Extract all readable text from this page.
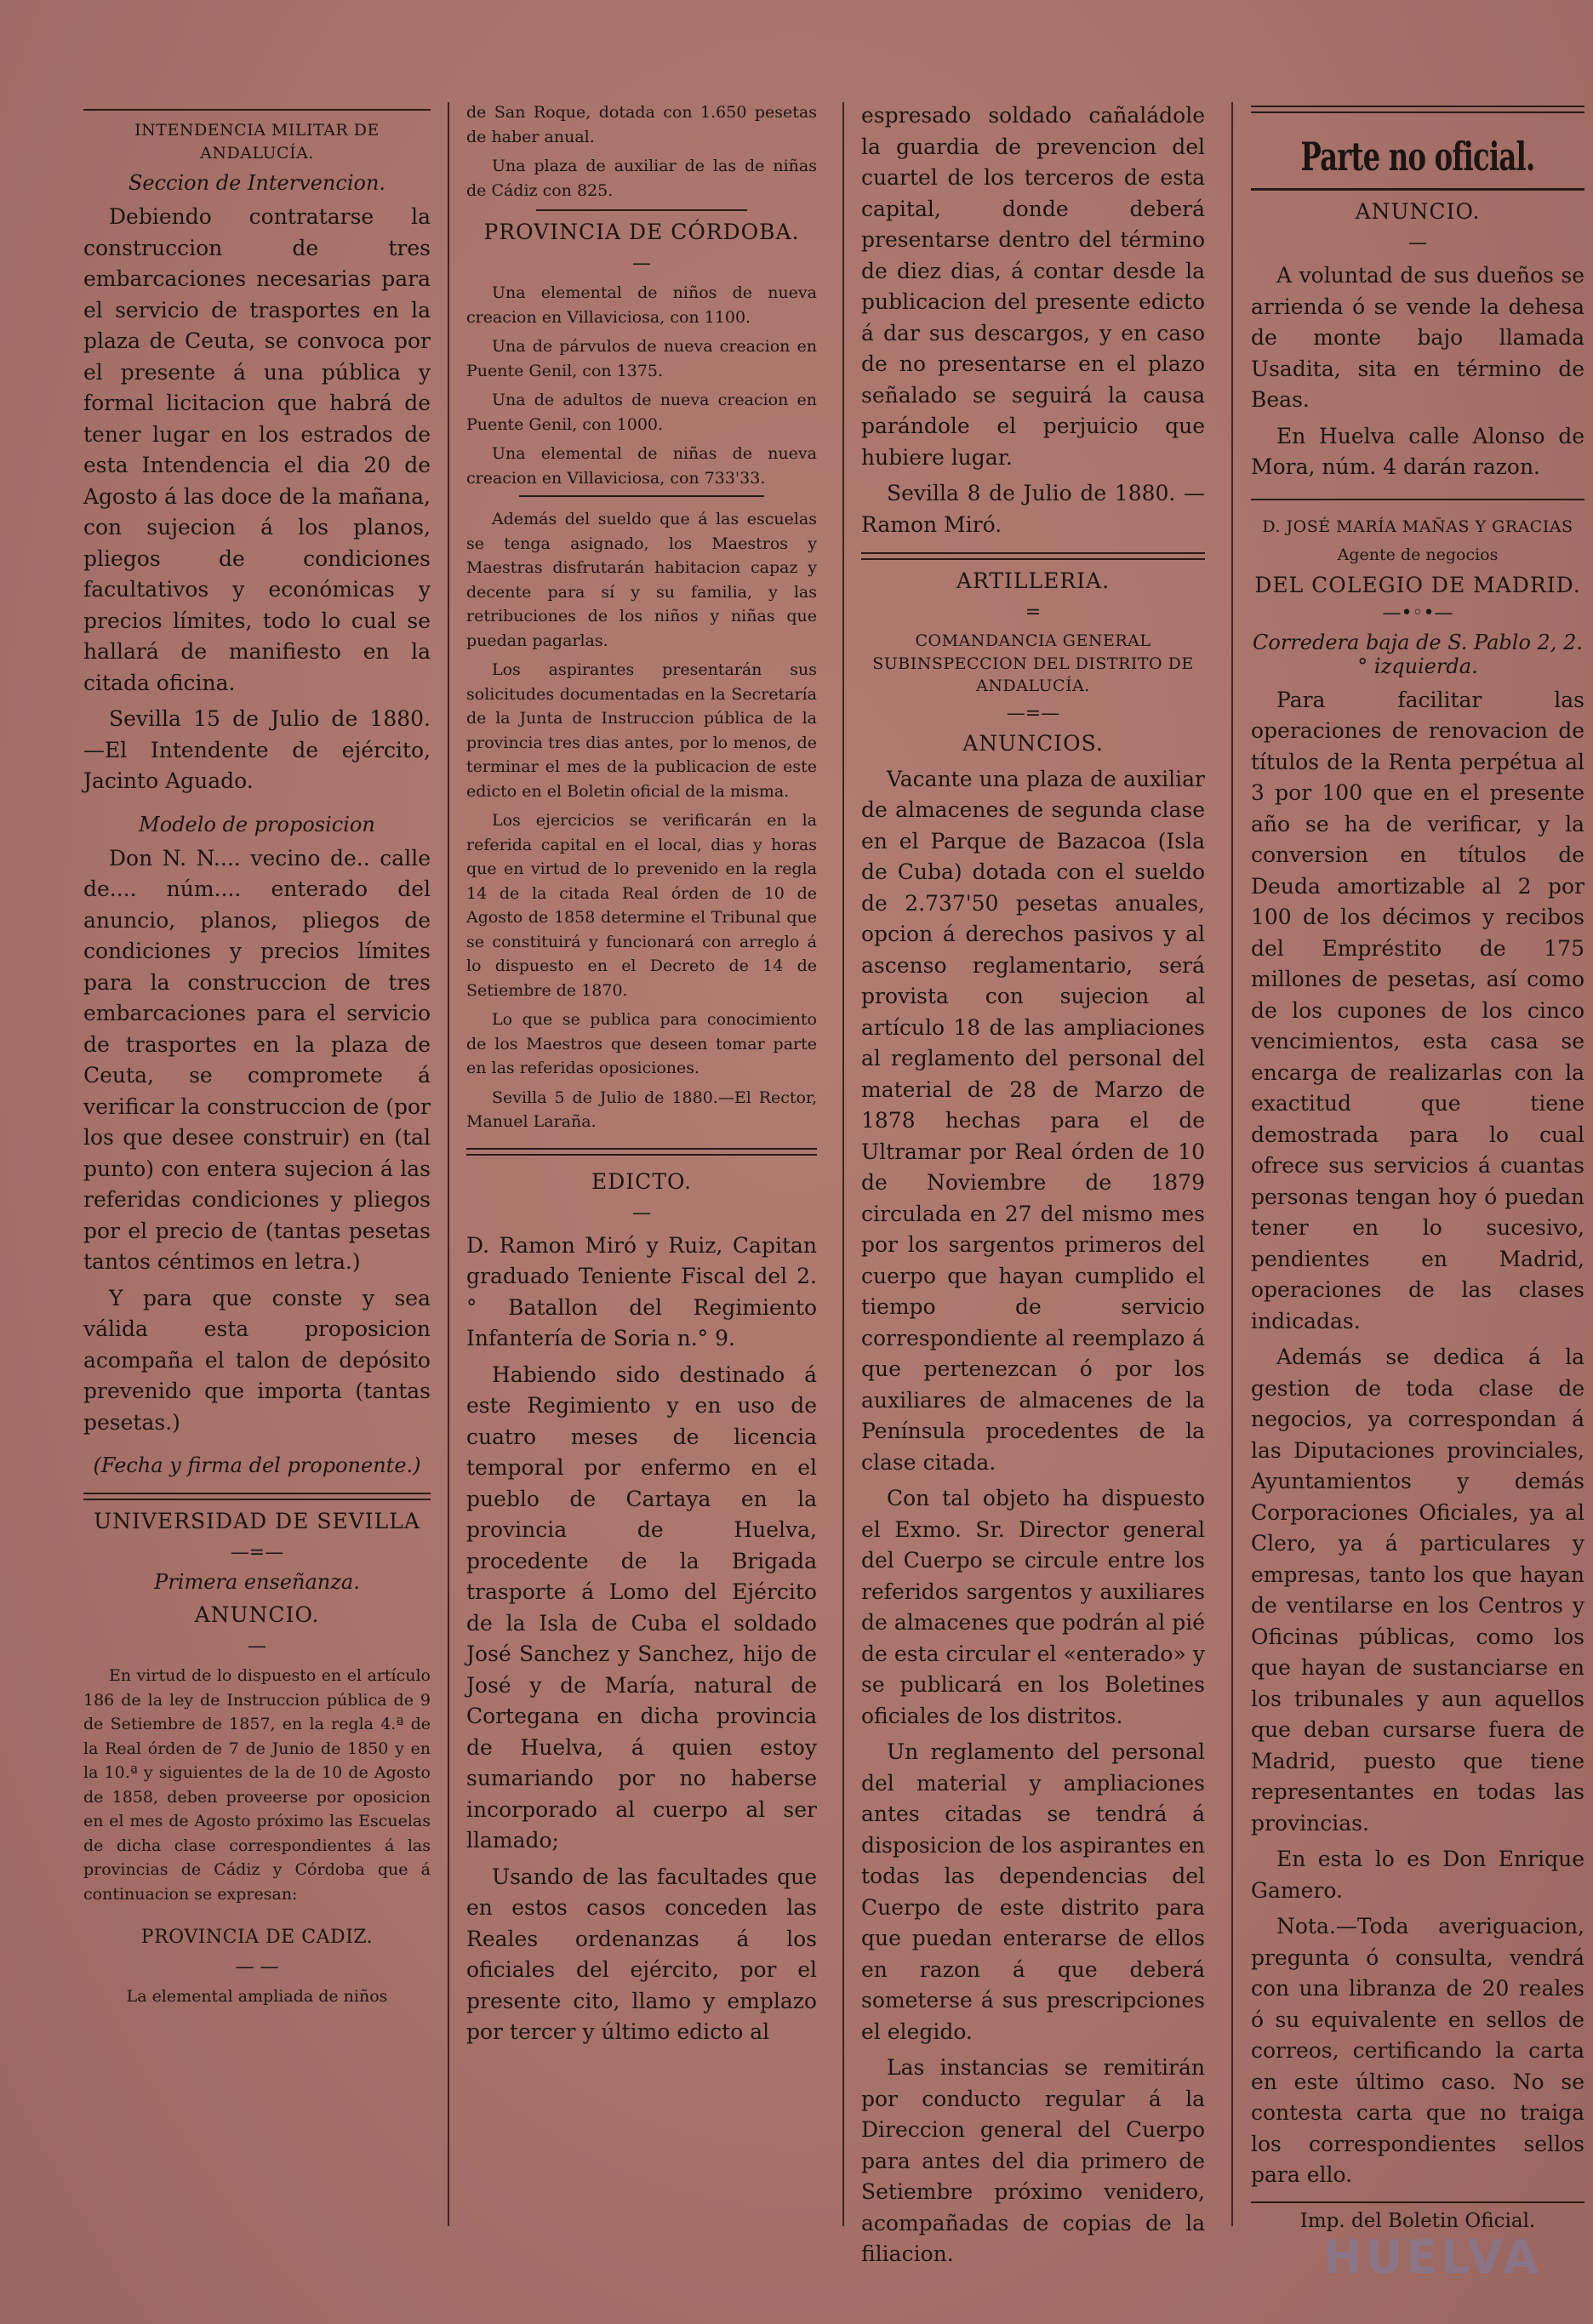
INTENDENCIA MILITAR DE ANDALUCÍA.
Seccion de Intervencion.

Debiendo contratarse la construccion de tres embarcaciones necesarias para el servicio de trasportes en la plaza de Ceuta, se convoca por el presente á una pública y formal licitacion que habrá de tener lugar en los estrados de esta Intendencia el dia 20 de Agosto á las doce de la mañana, con sujecion á los planos, pliegos de condiciones facultativos y económicas y precios límites, todo lo cual se hallará de manifiesto en la citada oficina.

Sevilla 15 de Julio de 1880. —El Intendente de ejército, Jacinto Aguado.

Modelo de proposicion

Don N. N.... vecino de.. calle de.... núm.... enterado del anuncio, planos, pliegos de condiciones y precios límites para la construccion de tres embarcaciones para el servicio de trasportes en la plaza de Ceuta, se compromete á verificar la construccion de (por los que desee construir) en (tal punto) con entera sujecion á las referidas condiciones y pliegos por el precio de (tantas pesetas tantos céntimos en letra.)

Y para que conste y sea válida esta proposicion acompaña el talon de depósito prevenido que importa (tantas pesetas.)

(Fecha y firma del proponente.)
UNIVERSIDAD DE SEVILLA
—=—
Primera enseñanza.
ANUNCIO.
—

En virtud de lo dispuesto en el artículo 186 de la ley de Instruccion pública de 9 de Setiembre de 1857, en la regla 4.ª de la Real órden de 7 de Junio de 1850 y en la 10.ª y siguientes de la de 10 de Agosto de 1858, deben proveerse por oposicion en el mes de Agosto próximo las Escuelas de dicha clase correspondientes á las provincias de Cádiz y Córdoba que á continuacion se expresan:

PROVINCIA DE CADIZ.
— —

La elemental ampliada de niños

de San Roque, dotada con 1.650 pesetas de haber anual.

Una plaza de auxiliar de las de niñas de Cádiz con 825.

PROVINCIA DE CÓRDOBA.
—

Una elemental de niños de nueva creacion en Villaviciosa, con 1100.

Una de párvulos de nueva creacion en Puente Genil, con 1375.

Una de adultos de nueva creacion en Puente Genil, con 1000.

Una elemental de niñas de nueva creacion en Villaviciosa, con 733'33.

Además del sueldo que á las escuelas se tenga asignado, los Maestros y Maestras disfrutarán habitacion capaz y decente para sí y su familia, y las retribuciones de los niños y niñas que puedan pagarlas.

Los aspirantes presentarán sus solicitudes documentadas en la Secretaría de la Junta de Instruccion pública de la provincia tres dias antes, por lo menos, de terminar el mes de la publicacion de este edicto en el Boletin oficial de la misma.

Los ejercicios se verificarán en la referida capital en el local, dias y horas que en virtud de lo prevenido en la regla 14 de la citada Real órden de 10 de Agosto de 1858 determine el Tribunal que se constituirá y funcionará con arreglo á lo dispuesto en el Decreto de 14 de Setiembre de 1870.

Lo que se publica para conocimiento de los Maestros que deseen tomar parte en las referidas oposiciones.

Sevilla 5 de Julio de 1880.—El Rector, Manuel Laraña.

EDICTO.
—

D. Ramon Miró y Ruiz, Capitan graduado Teniente Fiscal del 2.° Batallon del Regimiento Infantería de Soria n.° 9.

Habiendo sido destinado á este Regimiento y en uso de cuatro meses de licencia temporal por enfermo en el pueblo de Cartaya en la provincia de Huelva, procedente de la Brigada trasporte á Lomo del Ejército de la Isla de Cuba el soldado José Sanchez y Sanchez, hijo de José y de María, natural de Cortegana en dicha provincia de Huelva, á quien estoy sumariando por no haberse incorporado al cuerpo al ser llamado;

Usando de las facultades que en estos casos conceden las Reales ordenanzas á los oficiales del ejército, por el presente cito, llamo y emplazo por tercer y último edicto al

espresado soldado cañaládole la guardia de prevencion del cuartel de los terceros de esta capital, donde deberá presentarse dentro del término de diez dias, á contar desde la publicacion del presente edicto á dar sus descargos, y en caso de no presentarse en el plazo señalado se seguirá la causa parándole el perjuicio que hubiere lugar.

Sevilla 8 de Julio de 1880. —Ramon Miró.

ARTILLERIA.
=
COMANDANCIA GENERAL SUBINSPECCION DEL DISTRITO DE ANDALUCÍA.
—=—
ANUNCIOS.

Vacante una plaza de auxiliar de almacenes de segunda clase en el Parque de Bazacoa (Isla de Cuba) dotada con el sueldo de 2.737'50 pesetas anuales, opcion á derechos pasivos y al ascenso reglamentario, será provista con sujecion al artículo 18 de las ampliaciones al reglamento del personal del material de 28 de Marzo de 1878 hechas para el de Ultramar por Real órden de 10 de Noviembre de 1879 circulada en 27 del mismo mes por los sargentos primeros del cuerpo que hayan cumplido el tiempo de servicio correspondiente al reemplazo á que pertenezcan ó por los auxiliares de almacenes de la Península procedentes de la clase citada.

Con tal objeto ha dispuesto el Exmo. Sr. Director general del Cuerpo se circule entre los referidos sargentos y auxiliares de almacenes que podrán al pié de esta circular el «enterado» y se publicará en los Boletines oficiales de los distritos.

Un reglamento del personal del material y ampliaciones antes citadas se tendrá á disposicion de los aspirantes en todas las dependencias del Cuerpo de este distrito para que puedan enterarse de ellos en razon á que deberá someterse á sus prescripciones el elegido.

Las instancias se remitirán por conducto regular á la Direccion general del Cuerpo para antes del dia primero de Setiembre próximo venidero, acompañadas de copias de la filiacion.

Parte no oficial.
ANUNCIO.
—

A voluntad de sus dueños se arrienda ó se vende la dehesa de monte bajo llamada Usadita, sita en término de Beas.

En Huelva calle Alonso de Mora, núm. 4 darán razon.

D. JOSÉ MARÍA MAÑAS Y GRACIAS
Agente de negocios
DEL COLEGIO DE MADRID.
—•◦•—
Corredera baja de S. Pablo 2, 2.° izquierda.

Para facilitar las operaciones de renovacion de títulos de la Renta perpétua al 3 por 100 que en el presente año se ha de verificar, y la conversion en títulos de Deuda amortizable al 2 por 100 de los décimos y recibos del Empréstito de 175 millones de pesetas, así como de los cupones de los cinco vencimientos, esta casa se encarga de realizarlas con la exactitud que tiene demostrada para lo cual ofrece sus servicios á cuantas personas tengan hoy ó puedan tener en lo sucesivo, pendientes en Madrid, operaciones de las clases indicadas.

Además se dedica á la gestion de toda clase de negocios, ya correspondan á las Diputaciones provinciales, Ayuntamientos y demás Corporaciones Oficiales, ya al Clero, ya á particulares y empresas, tanto los que hayan de ventilarse en los Centros y Oficinas públicas, como los que hayan de sustanciarse en los tribunales y aun aquellos que deban cursarse fuera de Madrid, puesto que tiene representantes en todas las provincias.

En esta lo es Don Enrique Gamero.

Nota.—Toda averiguacion, pregunta ó consulta, vendrá con una libranza de 20 reales ó su equivalente en sellos de correos, certificando la carta en este último caso. No se contesta carta que no traiga los correspondientes sellos para ello.

Imp. del Boletin Oficial.
HUELVA
